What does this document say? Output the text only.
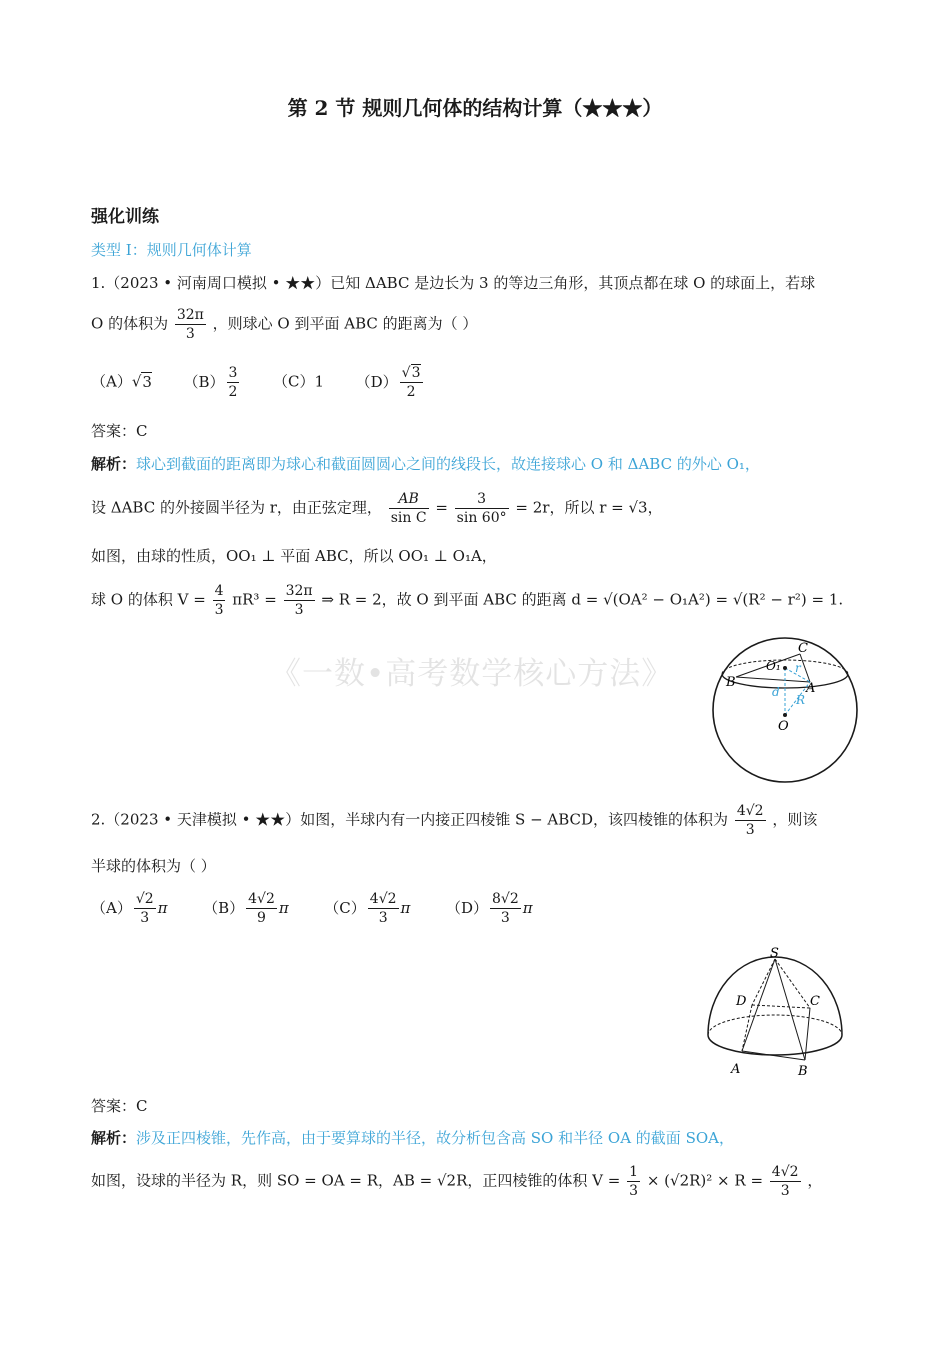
第 2 节 规则几何体的结构计算（★★★）
强化训练
类型 Ⅰ：规则几何体计算
《一数•高考数学核心方法》
1.（2023 • 河南周口模拟 • ★★）已知 ΔABC 是边长为 3 的等边三角形，其顶点都在球 O 的球面上，若球
O 的体积为 $\frac{32\pi}{3}$ ，则球心 O 到平面 ABC 的距离为（ ）
（A）√3 $(B) \frac{3}{2} (C)1$ $(D) \frac{√3}{2}$
答案：C
解析：球心到截面的距离即为球心和截面圆圆心之间的线段长，故连接球心 O 和 ΔABC 的外心 O₁，
设 ΔABC 的外接圆半径为 r，由正弦定理， $\frac{AB}{\text{sin C}} = \frac{3}{\sin 60^\circ} = 2r$，所以 r = √3，
如图，由球的性质，OO₁ ⊥ 平面 ABC，所以 OO₁ ⊥ O₁A，
球 O 的体积 $V = \frac{4}{3} \pi R^3 = \frac{32\pi}{3}$ ⇒ R = 2，故 O 到平面 ABC 的距离 d = √(OA² − O₁A²) = √(R² − r²) = 1.
C
O₁ r
B	A
d
R
O
2.（2023 • 天津模拟 • ★★）如图，半球内有一内接正四棱锥 S − ABCD，该四棱锥的体积为 $\frac{4√2}{3}$ ，则该
半球的体积为（ ）
$(A) \frac{√2}{3}$ π $(B) \frac{4√2}{9}$ π $(C) \frac{4√2}{3}$ π $(D) \frac{8√2}{3}$ π
S
D	C
A	B
答案：C
解析：涉及正四棱锥，先作高，由于要算球的半径，故分析包含高 SO 和半径 OA 的截面 SOA，
如图，设球的半径为 R，则 SO = OA = R，AB = √2R，正四棱锥的体积 $V = \frac{1}{3} \times (√2R)^2 \times R = \frac{4√2}{3}$ ，
